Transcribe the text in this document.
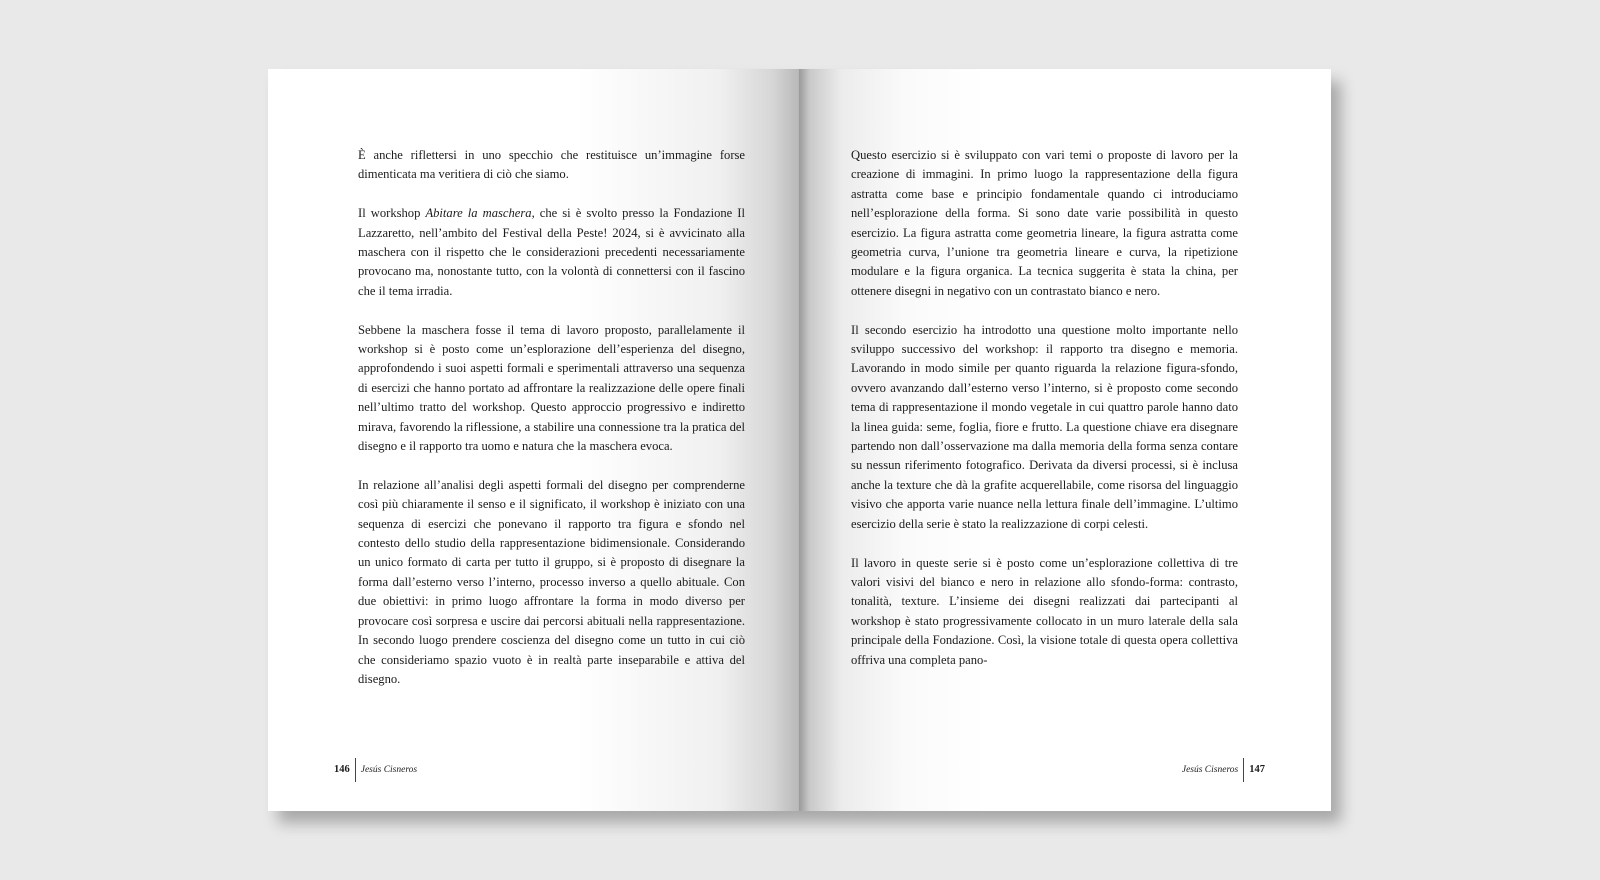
È anche riflettersi in uno specchio che restituisce un’immagine forse dimenticata ma veritiera di ciò che siamo.

Il workshop Abitare la maschera, che si è svolto presso la Fondazione Il Lazzaretto, nell’ambito del Festival della Peste! 2024, si è avvicinato alla maschera con il rispetto che le considerazioni precedenti necessariamente provocano ma, nonostante tutto, con la volontà di connettersi con il fascino che il tema irradia.

Sebbene la maschera fosse il tema di lavoro proposto, parallelamente il workshop si è posto come un’esplorazione dell’esperienza del disegno, approfondendo i suoi aspetti formali e sperimentali attraverso una sequenza di esercizi che hanno portato ad affrontare la realizzazione delle opere finali nell’ultimo tratto del workshop. Questo approccio progressivo e indiretto mirava, favorendo la riflessione, a stabilire una connessione tra la pratica del disegno e il rapporto tra uomo e natura che la maschera evoca.

In relazione all’analisi degli aspetti formali del disegno per comprenderne così più chiaramente il senso e il significato, il workshop è iniziato con una sequenza di esercizi che ponevano il rapporto tra figura e sfondo nel contesto dello studio della rappresentazione bidimensionale. Considerando un unico formato di carta per tutto il gruppo, si è proposto di disegnare la forma dall’esterno verso l’interno, processo inverso a quello abituale. Con due obiettivi: in primo luogo affrontare la forma in modo diverso per provocare così sorpresa e uscire dai percorsi abituali nella rappresentazione. In secondo luogo prendere coscienza del disegno come un tutto in cui ciò che consideriamo spazio vuoto è in realtà parte inseparabile e attiva del disegno.

146 Jesús Cisneros

Questo esercizio si è sviluppato con vari temi o proposte di lavoro per la creazione di immagini. In primo luogo la rappresentazione della figura astratta come base e principio fondamentale quando ci introduciamo nell’esplorazione della forma. Si sono date varie possibilità in questo esercizio. La figura astratta come geometria lineare, la figura astratta come geometria curva, l’unione tra geometria lineare e curva, la ripetizione modulare e la figura organica. La tecnica suggerita è stata la china, per ottenere disegni in negativo con un contrastato bianco e nero.

Il secondo esercizio ha introdotto una questione molto importante nello sviluppo successivo del workshop: il rapporto tra disegno e memoria. Lavorando in modo simile per quanto riguarda la relazione figura-sfondo, ovvero avanzando dall’esterno verso l’interno, si è proposto come secondo tema di rappresentazione il mondo vegetale in cui quattro parole hanno dato la linea guida: seme, foglia, fiore e frutto. La questione chiave era disegnare partendo non dall’osservazione ma dalla memoria della forma senza contare su nessun riferimento fotografico. Derivata da diversi processi, si è inclusa anche la texture che dà la grafite acquerellabile, come risorsa del linguaggio visivo che apporta varie nuance nella lettura finale dell’immagine. L’ultimo esercizio della serie è stato la realizzazione di corpi celesti.

Il lavoro in queste serie si è posto come un’esplorazione collettiva di tre valori visivi del bianco e nero in relazione allo sfondo-forma: contrasto, tonalità, texture. L’insieme dei disegni realizzati dai partecipanti al workshop è stato progressivamente collocato in un muro laterale della sala principale della Fondazione. Così, la visione totale di questa opera collettiva offriva una completa pano-

Jesús Cisneros 147
